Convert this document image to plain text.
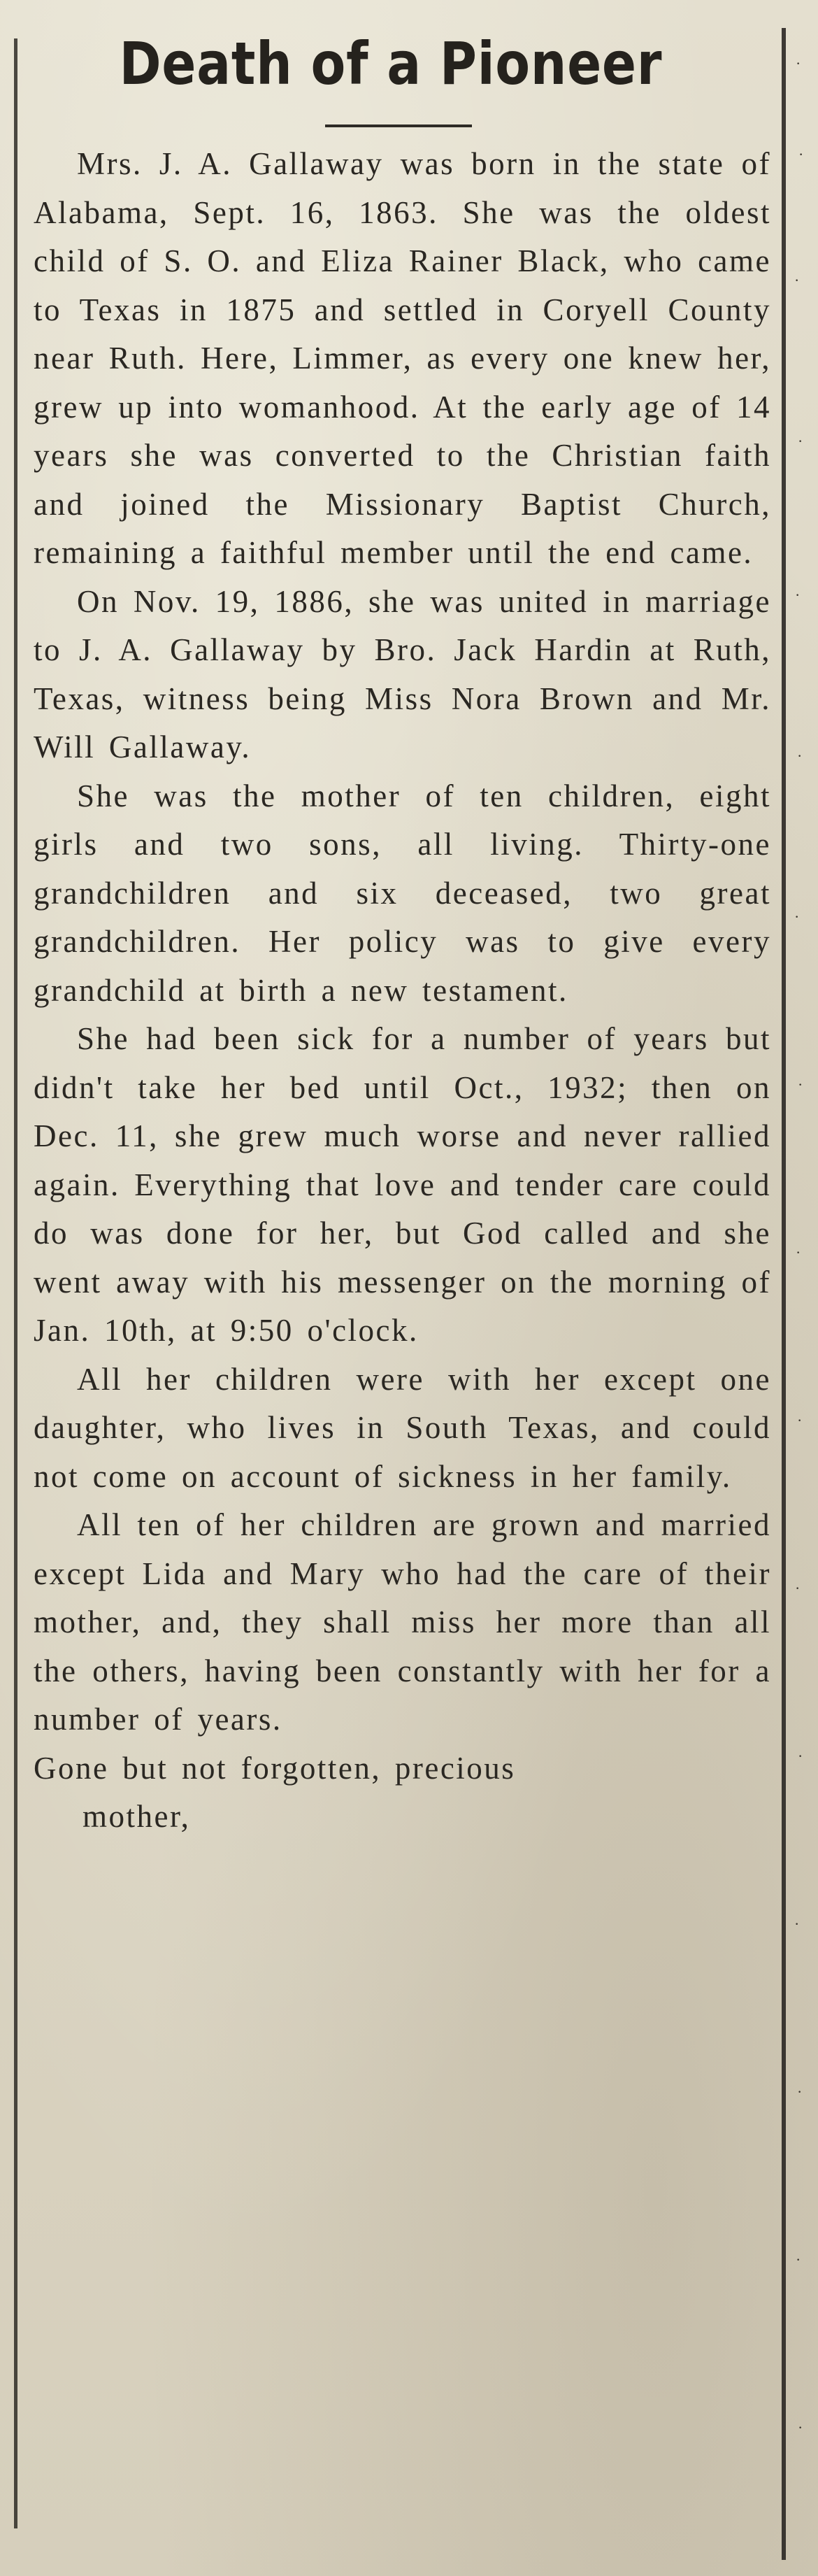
·
·
·
·
·
·
·
·
·
·
·
·
·
·
·
·
Death of a Pioneer

Mrs. J. A. Gallaway was born in the state of Alabama, Sept. 16, 1863. She was the oldest child of S. O. and Eliza Rainer Black, who came to Texas in 1875 and settled in Coryell County near Ruth. Here, Limmer, as every one knew her, grew up into womanhood. At the early age of 14 years she was converted to the Christian faith and joined the Missionary Baptist Church, remaining a faithful member until the end came.

On Nov. 19, 1886, she was united in marriage to J. A. Gallaway by Bro. Jack Hardin at Ruth, Texas, witness being Miss Nora Brown and Mr. Will Gallaway.

She was the mother of ten children, eight girls and two sons, all living. Thirty-one grandchildren and six deceased, two great grandchildren. Her policy was to give every grandchild at birth a new testament.

She had been sick for a number of years but didn't take her bed until Oct., 1932; then on Dec. 11, she grew much worse and never rallied again. Everything that love and tender care could do was done for her, but God called and she went away with his messenger on the morning of Jan. 10th, at 9:50 o'clock.

All her children were with her except one daughter, who lives in South Texas, and could not come on account of sickness in her family.

All ten of her children are grown and married except Lida and Mary who had the care of their mother, and, they shall miss her more than all the others, having been constantly with her for a number of years.

Gone but not forgotten, precious
mother,
